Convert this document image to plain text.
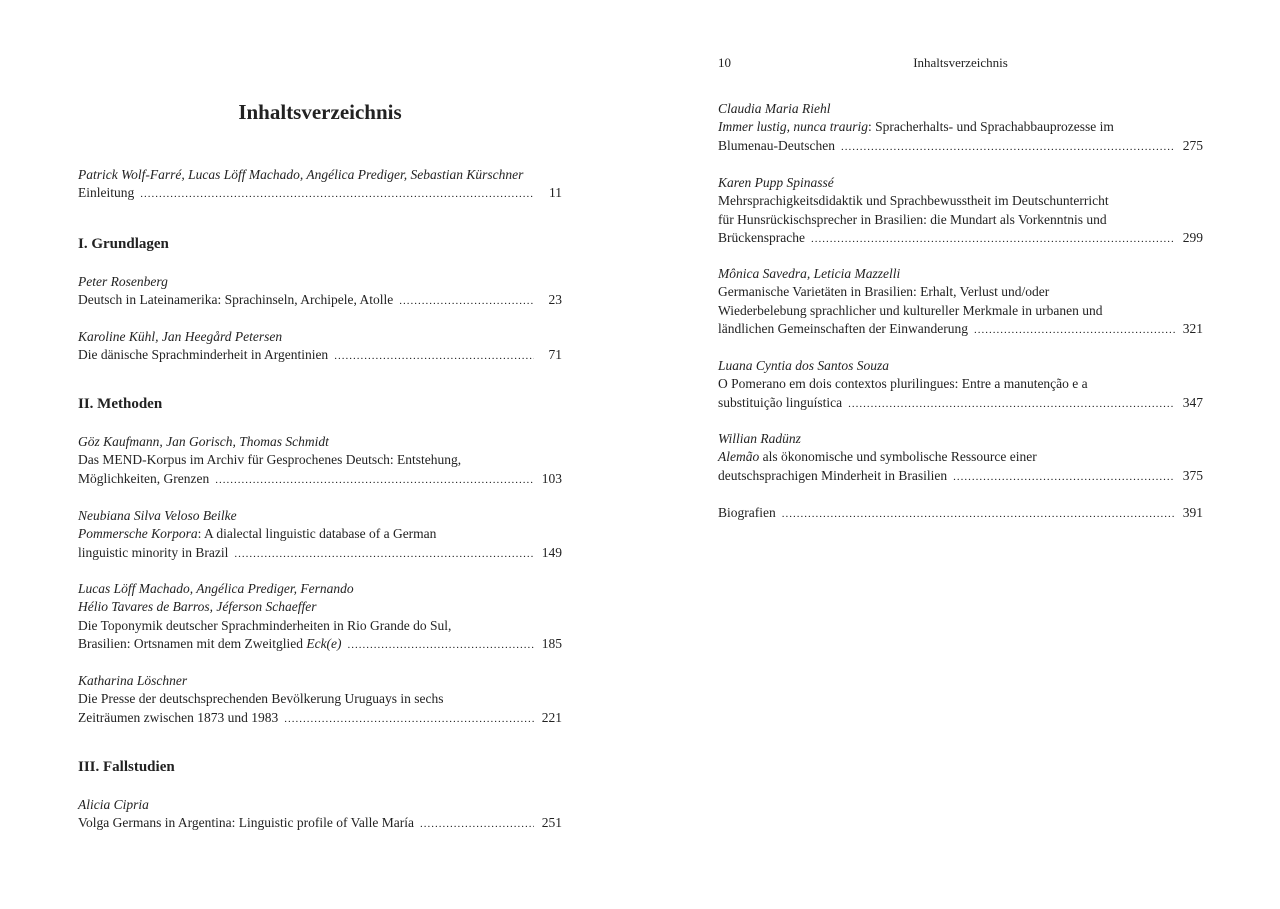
Inhaltsverzeichnis
Patrick Wolf-Farré, Lucas Löff Machado, Angélica Prediger, Sebastian Kürschner
Einleitung .....	11
I. Grundlagen
Peter Rosenberg
Deutsch in Lateinamerika: Sprachinseln, Archipele, Atolle .....	23
Karoline Kühl, Jan Heegård Petersen
Die dänische Sprachminderheit in Argentinien .....	71
II. Methoden
Göz Kaufmann, Jan Gorisch, Thomas Schmidt
Das MEND-Korpus im Archiv für Gesprochenes Deutsch: Entstehung,
Möglichkeiten, Grenzen .....	103
Neubiana Silva Veloso Beilke
Pommersche Korpora: A dialectal linguistic database of a German
linguistic minority in Brazil .....	149
Lucas Löff Machado, Angélica Prediger, Fernando
Hélio Tavares de Barros, Jéferson Schaeffer
Die Toponymik deutscher Sprachminderheiten in Rio Grande do Sul,
Brasilien: Ortsnamen mit dem Zweitglied Eck(e) .....	185
Katharina Löschner
Die Presse der deutschsprechenden Bevölkerung Uruguays in sechs
Zeiträumen zwischen 1873 und 1983 .....	221
III. Fallstudien
Alicia Cipria
Volga Germans in Argentina: Linguistic profile of Valle María .....	251
Inhaltsverzeichnis
10
Claudia Maria Riehl
Immer lustig, nunca traurig: Spracherhalts- und Sprachabbauprozesse im
Blumenau-Deutschen .....	275
Karen Pupp Spinassé
Mehrsprachigkeitsdidaktik und Sprachbewusstheit im Deutschunterricht
für Hunsrückischsprecher in Brasilien: die Mundart als Vorkenntnis und
Brückensprache .....	299
Mônica Savedra, Leticia Mazzelli
Germanische Varietäten in Brasilien: Erhalt, Verlust und/oder
Wiederbelebung sprachlicher und kultureller Merkmale in urbanen und
ländlichen Gemeinschaften der Einwanderung .....	321
Luana Cyntia dos Santos Souza
O Pomerano em dois contextos plurilingues: Entre a manutenção e a
substituição linguística .....	347
Willian Radünz
Alemão als ökonomische und symbolische Ressource einer
deutschsprachigen Minderheit in Brasilien .....	375
Biografien .....	391
